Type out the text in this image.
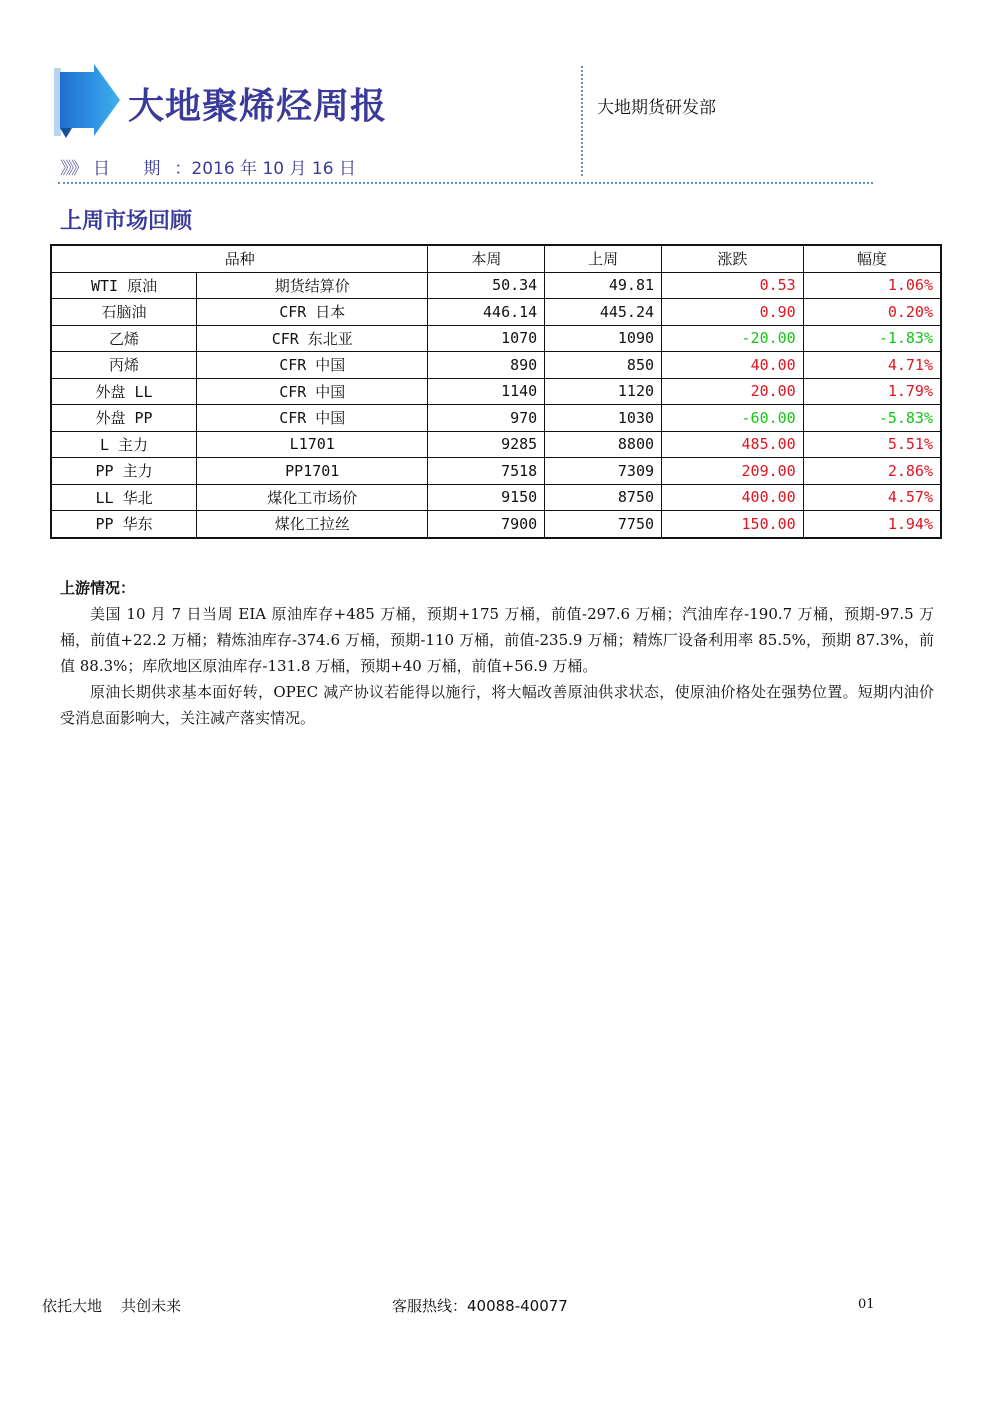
大地聚烯烃周报	大地期货研发部
》》》 日 期：2016 年 10 月 16 日
上周市场回顾
品种		本周	上周	涨跌	幅度
WTI 原油	期货结算价	50.34	49.81	0.53	1.06%
石脑油	CFR 日本	446.14	445.24	0.90	0.20%
乙烯	CFR 东北亚	1070	1090	-20.00	-1.83%
丙烯	CFR 中国	890	850	40.00	4.71%
外盘 LL	CFR 中国	1140	1120	20.00	1.79%
外盘 PP	CFR 中国	970	1030	-60.00	-5.83%
L 主力	L1701	9285	8800	485.00	5.51%
PP 主力	PP1701	7518	7309	209.00	2.86%
LL 华北	煤化工市场价	9150	8750	400.00	4.57%
PP 华东	煤化工拉丝	7900	7750	150.00	1.94%
上游情况：

美国 10 月 7 日当周 EIA 原油库存+485 万桶，预期+175 万桶，前值-297.6 万桶；汽油库存-190.7 万桶，预期-97.5 万桶，前值+22.2 万桶；精炼油库存-374.6 万桶，预期-110 万桶，前值-235.9 万桶；精炼厂设备利用率 85.5%，预期 87.3%，前值 88.3%；库欣地区原油库存-131.8 万桶，预期+40 万桶，前值+56.9 万桶。

原油长期供求基本面好转，OPEC 减产协议若能得以施行，将大幅改善原油供求状态，使原油价格处在强势位置。短期内油价受消息面影响大，关注减产落实情况。

依托大地    共创未来	客服热线：40088-40077	01
